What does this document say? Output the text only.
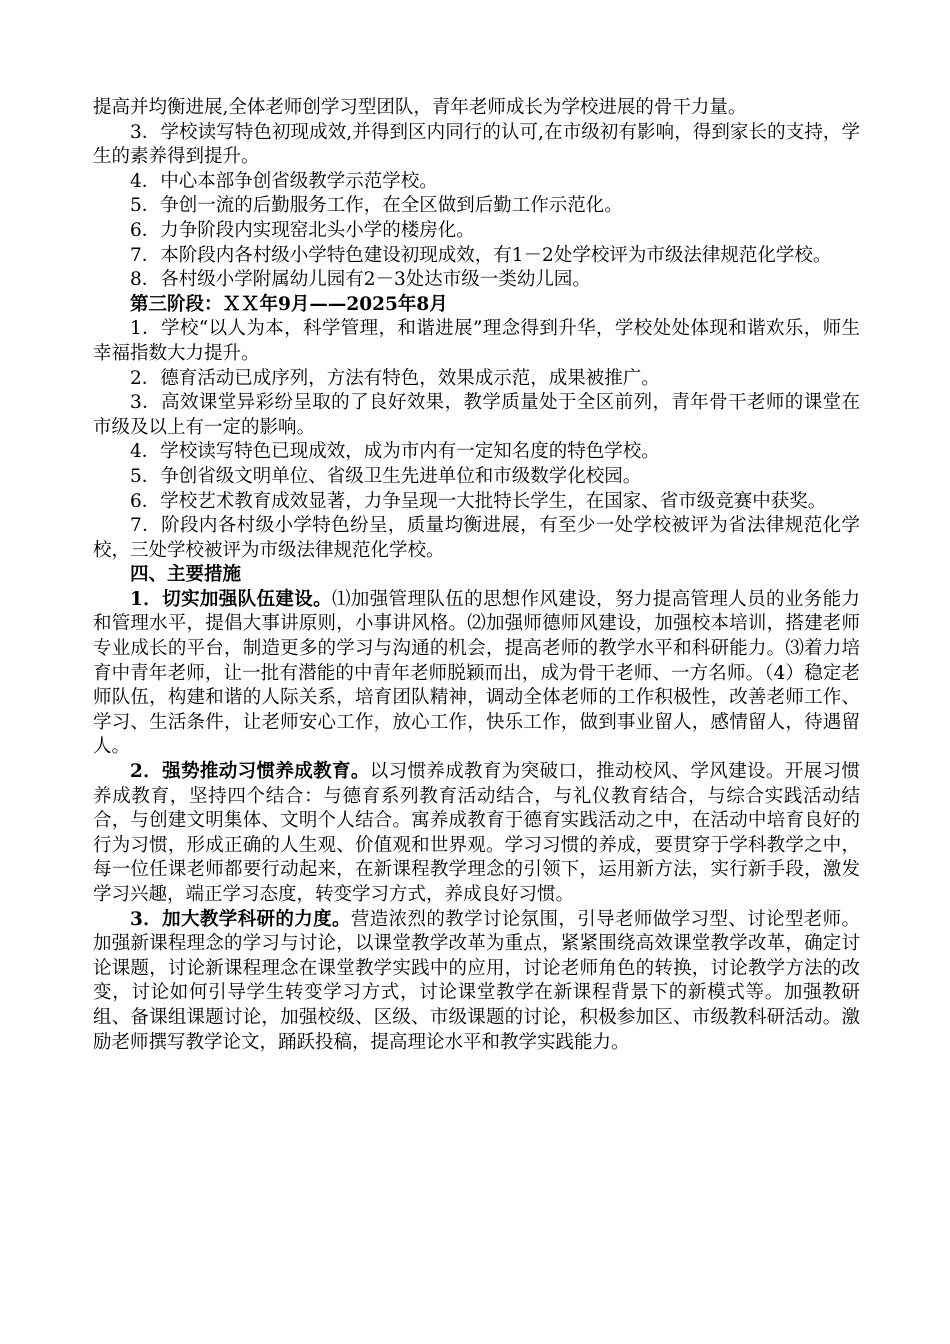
提高并均衡进展,全体老师创学习型团队，青年老师成长为学校进展的骨干力量。

3．学校读写特色初现成效,并得到区内同行的认可,在市级初有影响，得到家长的支持，学生的素养得到提升。

4．中心本部争创省级教学示范学校。

5．争创一流的后勤服务工作，在全区做到后勤工作示范化。

6．力争阶段内实现窑北头小学的楼房化。

7．本阶段内各村级小学特色建设初现成效，有1－2处学校评为市级法律规范化学校。

8．各村级小学附属幼儿园有2－3处达市级一类幼儿园。

第三阶段：ＸＸ年9月——2025年8月

1．学校“以人为本，科学管理，和谐进展”理念得到升华，学校处处体现和谐欢乐，师生幸福指数大力提升。

2．德育活动已成序列，方法有特色，效果成示范，成果被推广。

3．高效课堂异彩纷呈取的了良好效果，教学质量处于全区前列，青年骨干老师的课堂在市级及以上有一定的影响。

4．学校读写特色已现成效，成为市内有一定知名度的特色学校。

5．争创省级文明单位、省级卫生先进单位和市级数学化校园。

6．学校艺术教育成效显著，力争呈现一大批特长学生，在国家、省市级竞赛中获奖。

7．阶段内各村级小学特色纷呈，质量均衡进展，有至少一处学校被评为省法律规范化学校，三处学校被评为市级法律规范化学校。

四、主要措施

1．切实加强队伍建设。⑴加强管理队伍的思想作风建设，努力提高管理人员的业务能力和管理水平，提倡大事讲原则，小事讲风格。⑵加强师德师风建设，加强校本培训，搭建老师专业成长的平台，制造更多的学习与沟通的机会，提高老师的教学水平和科研能力。⑶着力培育中青年老师，让一批有潜能的中青年老师脱颖而出，成为骨干老师、一方名师。（4）稳定老师队伍，构建和谐的人际关系，培育团队精神，调动全体老师的工作积极性，改善老师工作、学习、生活条件，让老师安心工作，放心工作，快乐工作，做到事业留人，感情留人，待遇留人。

2．强势推动习惯养成教育。以习惯养成教育为突破口，推动校风、学风建设。开展习惯养成教育，坚持四个结合：与德育系列教育活动结合，与礼仪教育结合，与综合实践活动结合，与创建文明集体、文明个人结合。寓养成教育于德育实践活动之中，在活动中培育良好的行为习惯，形成正确的人生观、价值观和世界观。学习习惯的养成，要贯穿于学科教学之中，每一位任课老师都要行动起来，在新课程教学理念的引领下，运用新方法，实行新手段，激发学习兴趣，端正学习态度，转变学习方式，养成良好习惯。

3．加大教学科研的力度。营造浓烈的教学讨论氛围，引导老师做学习型、讨论型老师。加强新课程理念的学习与讨论，以课堂教学改革为重点，紧紧围绕高效课堂教学改革，确定讨论课题，讨论新课程理念在课堂教学实践中的应用，讨论老师角色的转换，讨论教学方法的改变，讨论如何引导学生转变学习方式，讨论课堂教学在新课程背景下的新模式等。加强教研组、备课组课题讨论，加强校级、区级、市级课题的讨论，积极参加区、市级教科研活动。激励老师撰写教学论文，踊跃投稿，提高理论水平和教学实践能力。
